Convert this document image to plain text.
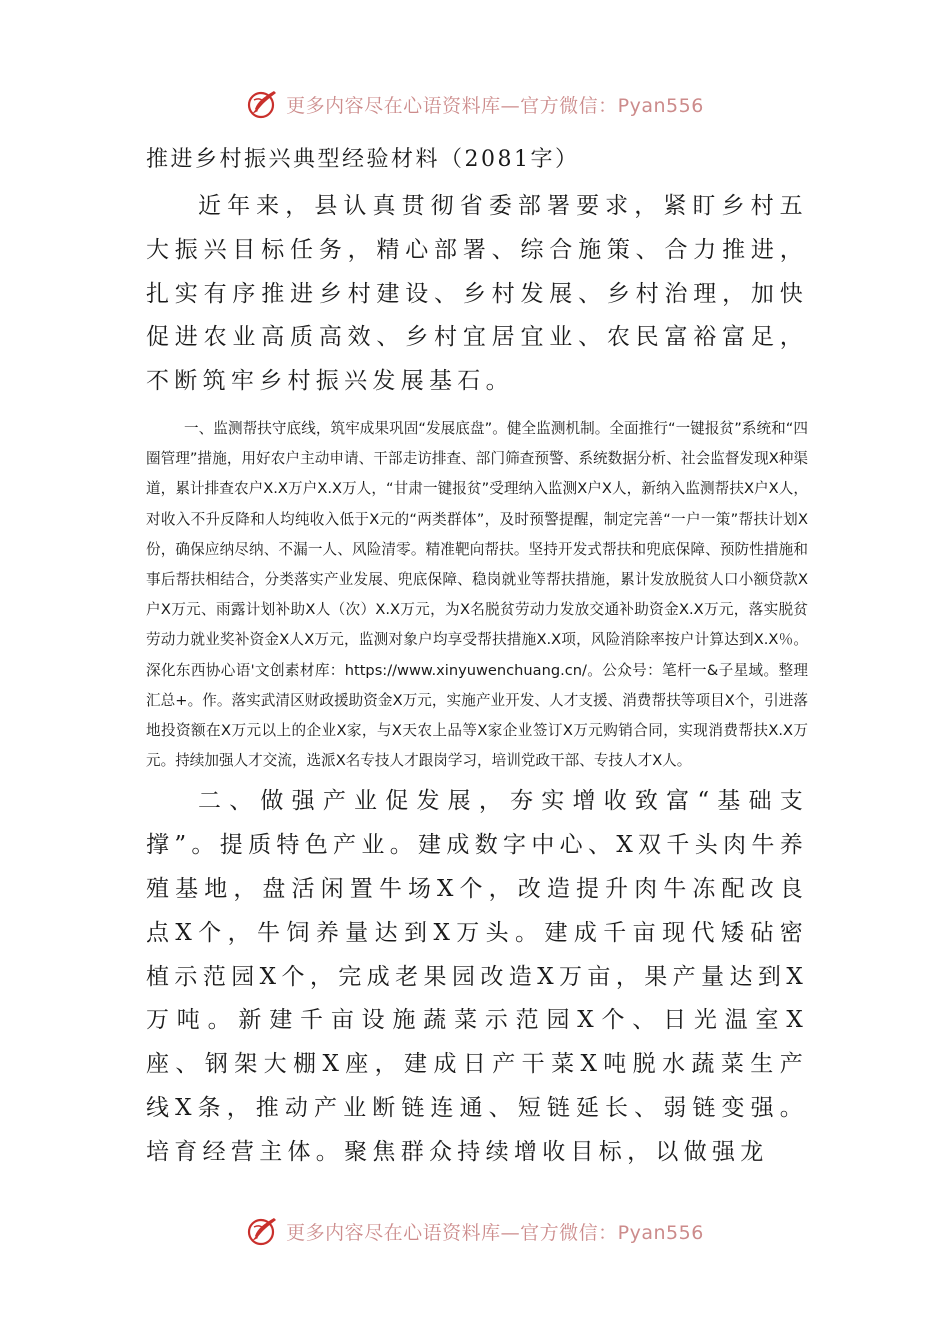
更多内容尽在心语资料库—官方微信：Pyan556

推进乡村振兴典型经验材料（2081字）

近年来，县认真贯彻省委部署要求，紧盯乡村五大振兴目标任务，精心部署、综合施策、合力推进，扎实有序推进乡村建设、乡村发展、乡村治理，加快促进农业高质高效、乡村宜居宜业、农民富裕富足，不断筑牢乡村振兴发展基石。

一、监测帮扶守底线，筑牢成果巩固“发展底盘”。健全监测机制。全面推行“一键报贫”系统和“四圈管理”措施，用好农户主动申请、干部走访排查、部门筛查预警、系统数据分析、社会监督发现X种渠道，累计排查农户X.X万户X.X万人，“甘肃一键报贫”受理纳入监测X户X人，新纳入监测帮扶X户X人，对收入不升反降和人均纯收入低于X元的“两类群体”，及时预警提醒，制定完善“一户一策”帮扶计划X份，确保应纳尽纳、不漏一人、风险清零。精准靶向帮扶。坚持开发式帮扶和兜底保障、预防性措施和事后帮扶相结合，分类落实产业发展、兜底保障、稳岗就业等帮扶措施，累计发放脱贫人口小额贷款X户X万元、雨露计划补助X人（次）X.X万元，为X名脱贫劳动力发放交通补助资金X.X万元，落实脱贫劳动力就业奖补资金X人X万元，监测对象户均享受帮扶措施X.X项，风险消除率按户计算达到X.X％。深化东西协心语'文创素材库：https://www.xinyuwenchuang.cn/。公众号：笔杆一&子星域。整理汇总+。作。落实武清区财政援助资金X万元，实施产业开发、人才支援、消费帮扶等项目X个，引进落地投资额在X万元以上的企业X家，与X天农上品等X家企业签订X万元购销合同，实现消费帮扶X.X万元。持续加强人才交流，选派X名专技人才跟岗学习，培训党政干部、专技人才X人。

二、做强产业促发展，夯实增收致富“基础支撑”。提质特色产业。建成数字中心、X双千头肉牛养殖基地，盘活闲置牛场X个，改造提升肉牛冻配改良点X个，牛饲养量达到X万头。建成千亩现代矮砧密植示范园X个，完成老果园改造X万亩，果产量达到X万吨。新建千亩设施蔬菜示范园X个、日光温室X座、钢架大棚X座，建成日产干菜X吨脱水蔬菜生产线X条，推动产业断链连通、短链延长、弱链变强。培育经营主体。聚焦群众持续增收目标，以做强龙

更多内容尽在心语资料库—官方微信：Pyan556
